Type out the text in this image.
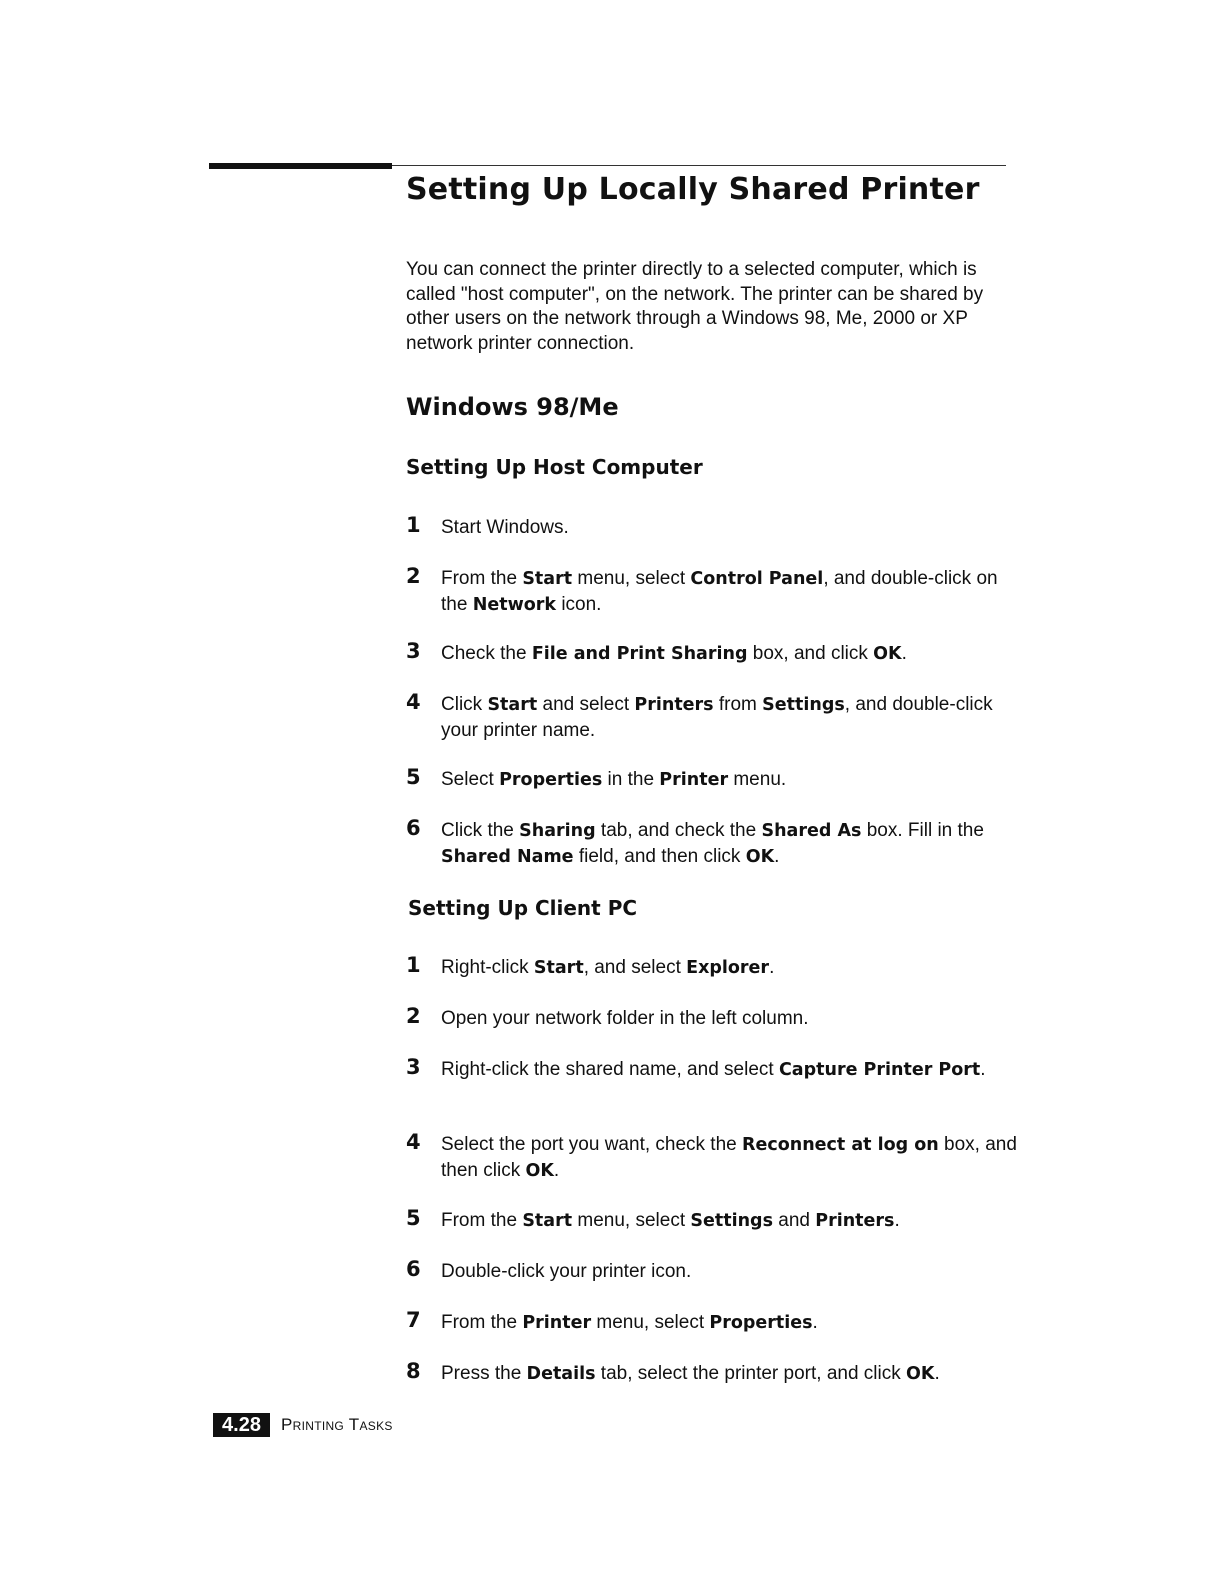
Setting Up Locally Shared Printer

You can connect the printer directly to a selected computer, which is called "host computer", on the network. The printer can be shared by other users on the network through a Windows 98, Me, 2000 or XP network printer connection.

Windows 98/Me
Setting Up Host Computer
1 Start Windows.
2 From the Start menu, select Control Panel, and double-click on the Network icon.
3 Check the File and Print Sharing box, and click OK.
4 Click Start and select Printers from Settings, and double-click your printer name.
5 Select Properties in the Printer menu.
6 Click the Sharing tab, and check the Shared As box. Fill in the Shared Name field, and then click OK.
Setting Up Client PC
1 Right-click Start, and select Explorer.
2 Open your network folder in the left column.
3 Right-click the shared name, and select Capture Printer Port.
4 Select the port you want, check the Reconnect at log on box, and then click OK.
5 From the Start menu, select Settings and Printers.
6 Double-click your printer icon.
7 From the Printer menu, select Properties.
8 Press the Details tab, select the printer port, and click OK.
4.28	Printing Tasks
